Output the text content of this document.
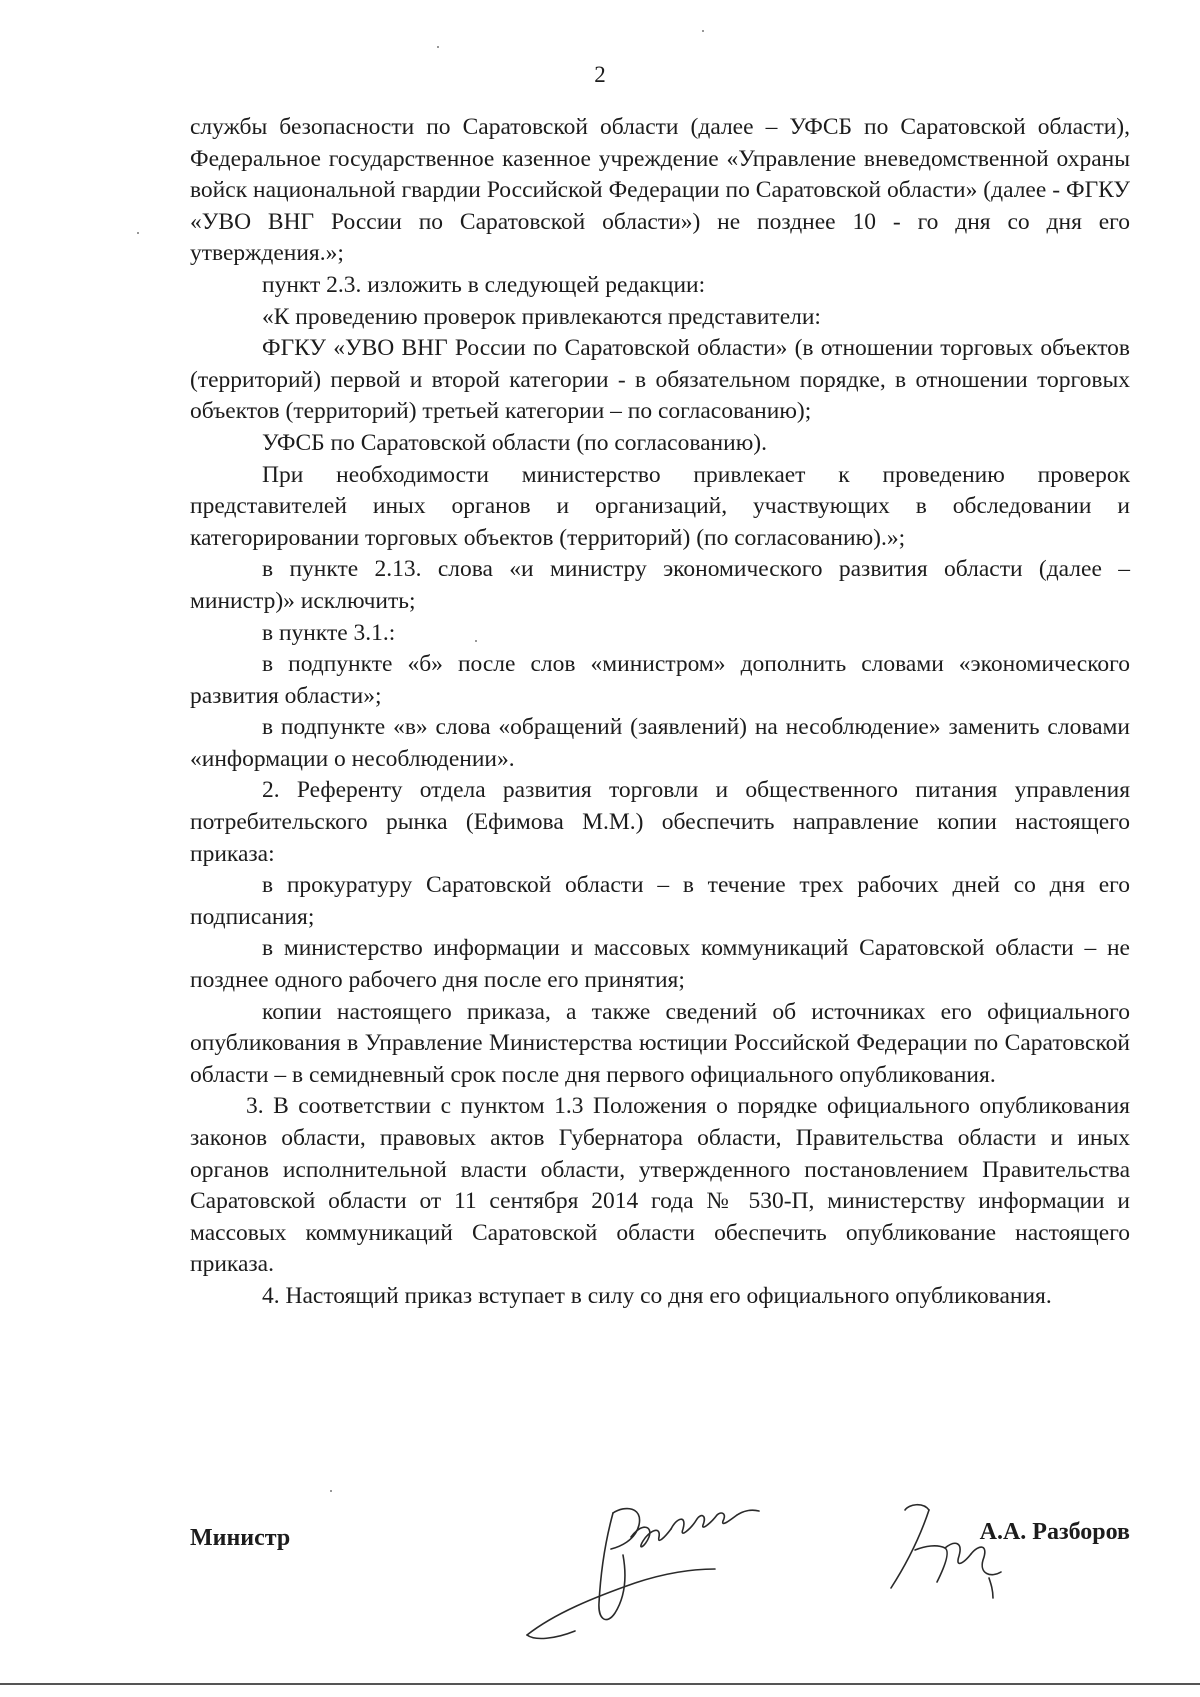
2

службы безопасности по Саратовской области (далее – УФСБ по Саратовской области), Федеральное государственное казенное учреждение «Управление вневедомственной охраны войск национальной гвардии Российской Федерации по Саратовской области» (далее - ФГКУ «УВО ВНГ России по Саратовской области») не позднее 10 - го дня со дня его утверждения.»;

пункт 2.3. изложить в следующей редакции:

«К проведению проверок привлекаются представители:

ФГКУ «УВО ВНГ России по Саратовской области» (в отношении торговых объектов (территорий) первой и второй категории - в обязательном порядке, в отношении торговых объектов (территорий) третьей категории – по согласованию);

УФСБ по Саратовской области (по согласованию).

При необходимости министерство привлекает к проведению проверок представителей иных органов и организаций, участвующих в обследовании и категорировании торговых объектов (территорий) (по согласованию).»;

в пункте 2.13. слова «и министру экономического развития области (далее – министр)» исключить;

в пункте 3.1.:

в подпункте «б» после слов «министром» дополнить словами «экономического развития области»;

в подпункте «в» слова «обращений (заявлений) на несоблюдение» заменить словами «информации о несоблюдении».

2. Референту отдела развития торговли и общественного питания управления потребительского рынка (Ефимова М.М.) обеспечить направление копии настоящего приказа:

в прокуратуру Саратовской области – в течение трех рабочих дней со дня его подписания;

в министерство информации и массовых коммуникаций Саратовской области – не позднее одного рабочего дня после его принятия;

копии настоящего приказа, а также сведений об источниках его официального опубликования в Управление Министерства юстиции Российской Федерации по Саратовской области – в семидневный срок после дня первого официального опубликования.

3. В соответствии с пунктом 1.3 Положения о порядке официального опубликования законов области, правовых актов Губернатора области, Правительства области и иных органов исполнительной власти области, утвержденного постановлением Правительства Саратовской области от 11 сентября 2014 года № 530-П, министерству информации и массовых коммуникаций Саратовской области обеспечить опубликование настоящего приказа.

4. Настоящий приказ вступает в силу со дня его официального опубликования.

Министр	А.А. Разборов
